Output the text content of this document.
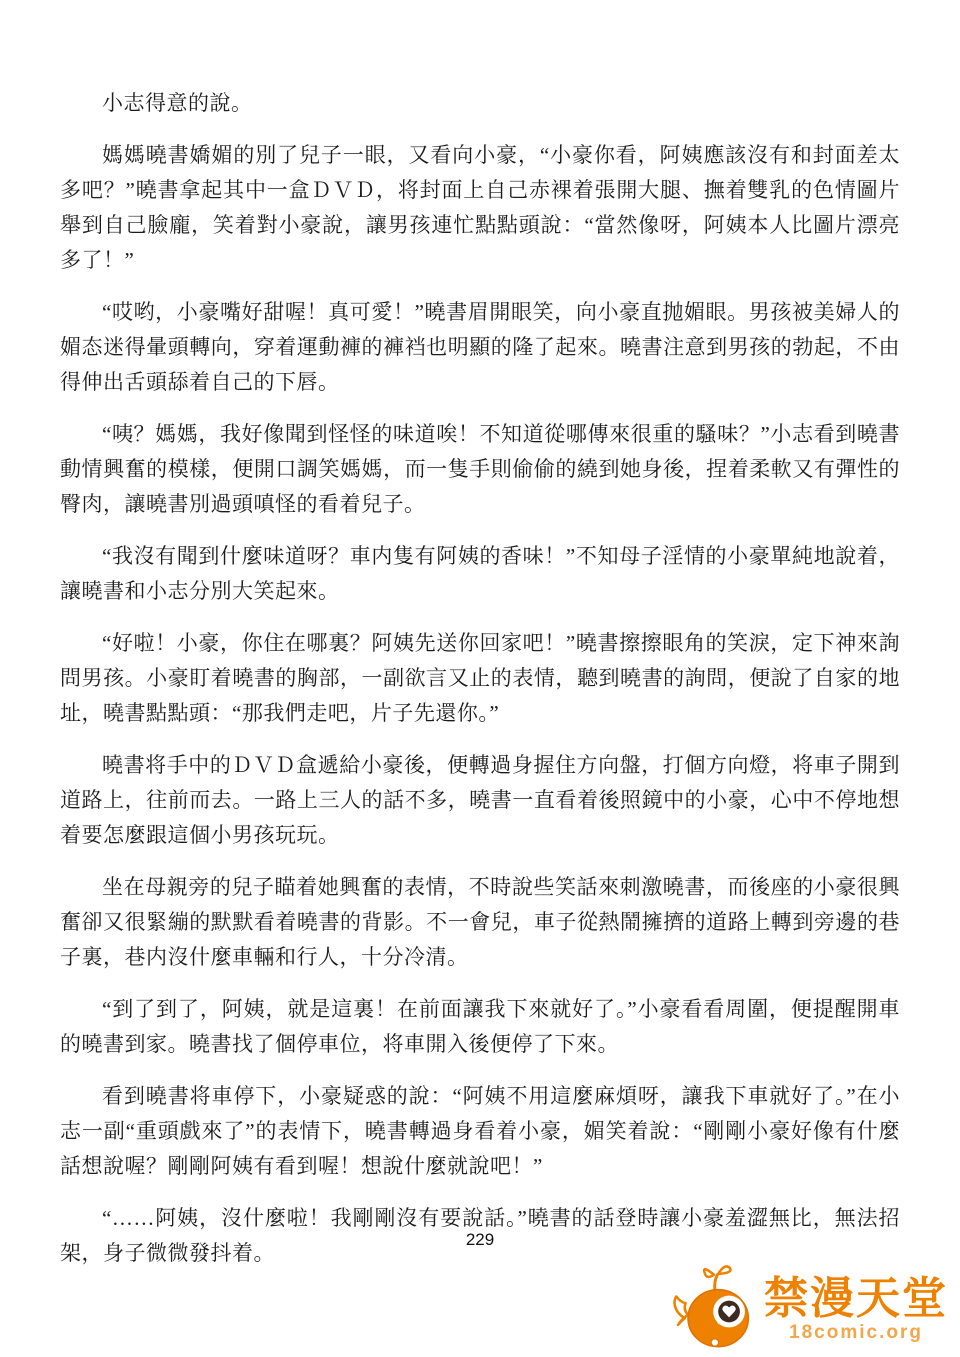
小志得意的說。

媽媽曉書嬌媚的別了兒子一眼，又看向小豪，“小豪你看，阿姨應該沒有和封面差太多吧？”曉書拿起其中一盒ＤＶＤ，将封面上自己赤裸着張開大腿、撫着雙乳的色情圖片舉到自己臉龐，笑着對小豪說，讓男孩連忙點點頭說：“當然像呀，阿姨本人比圖片漂亮多了！”

“哎哟，小豪嘴好甜喔！真可愛！”曉書眉開眼笑，向小豪直抛媚眼。男孩被美婦人的媚态迷得暈頭轉向，穿着運動褲的褲裆也明顯的隆了起來。曉書注意到男孩的勃起，不由得伸出舌頭舔着自己的下唇。

“咦？媽媽，我好像聞到怪怪的味道唉！不知道從哪傳來很重的騷味？”小志看到曉書動情興奮的模樣，便開口調笑媽媽，而一隻手則偷偷的繞到她身後，捏着柔軟又有彈性的臀肉，讓曉書別過頭嗔怪的看着兒子。

“我沒有聞到什麼味道呀？車内隻有阿姨的香味！”不知母子淫情的小豪單純地說着，讓曉書和小志分別大笑起來。

“好啦！小豪，你住在哪裏？阿姨先送你回家吧！”曉書擦擦眼角的笑淚，定下神來詢問男孩。小豪盯着曉書的胸部，一副欲言又止的表情，聽到曉書的詢問，便說了自家的地址，曉書點點頭：“那我們走吧，片子先還你。”

曉書将手中的ＤＶＤ盒遞給小豪後，便轉過身握住方向盤，打個方向燈，将車子開到道路上，往前而去。一路上三人的話不多，曉書一直看着後照鏡中的小豪，心中不停地想着要怎麼跟這個小男孩玩玩。

坐在母親旁的兒子瞄着她興奮的表情，不時說些笑話來刺激曉書，而後座的小豪很興奮卻又很緊繃的默默看着曉書的背影。不一會兒，車子從熱鬧擁擠的道路上轉到旁邊的巷子裏，巷内沒什麼車輛和行人，十分冷清。

“到了到了，阿姨，就是這裏！在前面讓我下來就好了。”小豪看看周圍，便提醒開車的曉書到家。曉書找了個停車位，将車開入後便停了下來。

看到曉書将車停下，小豪疑惑的說：“阿姨不用這麼麻煩呀，讓我下車就好了。”在小志一副“重頭戲來了”的表情下，曉書轉過身看着小豪，媚笑着說：“剛剛小豪好像有什麼話想說喔？剛剛阿姨有看到喔！想說什麼就說吧！”

“……阿姨，沒什麼啦！我剛剛沒有要說話。”曉書的話登時讓小豪羞澀無比，無法招架，身子微微發抖着。

229
禁漫天堂
18comic.org
